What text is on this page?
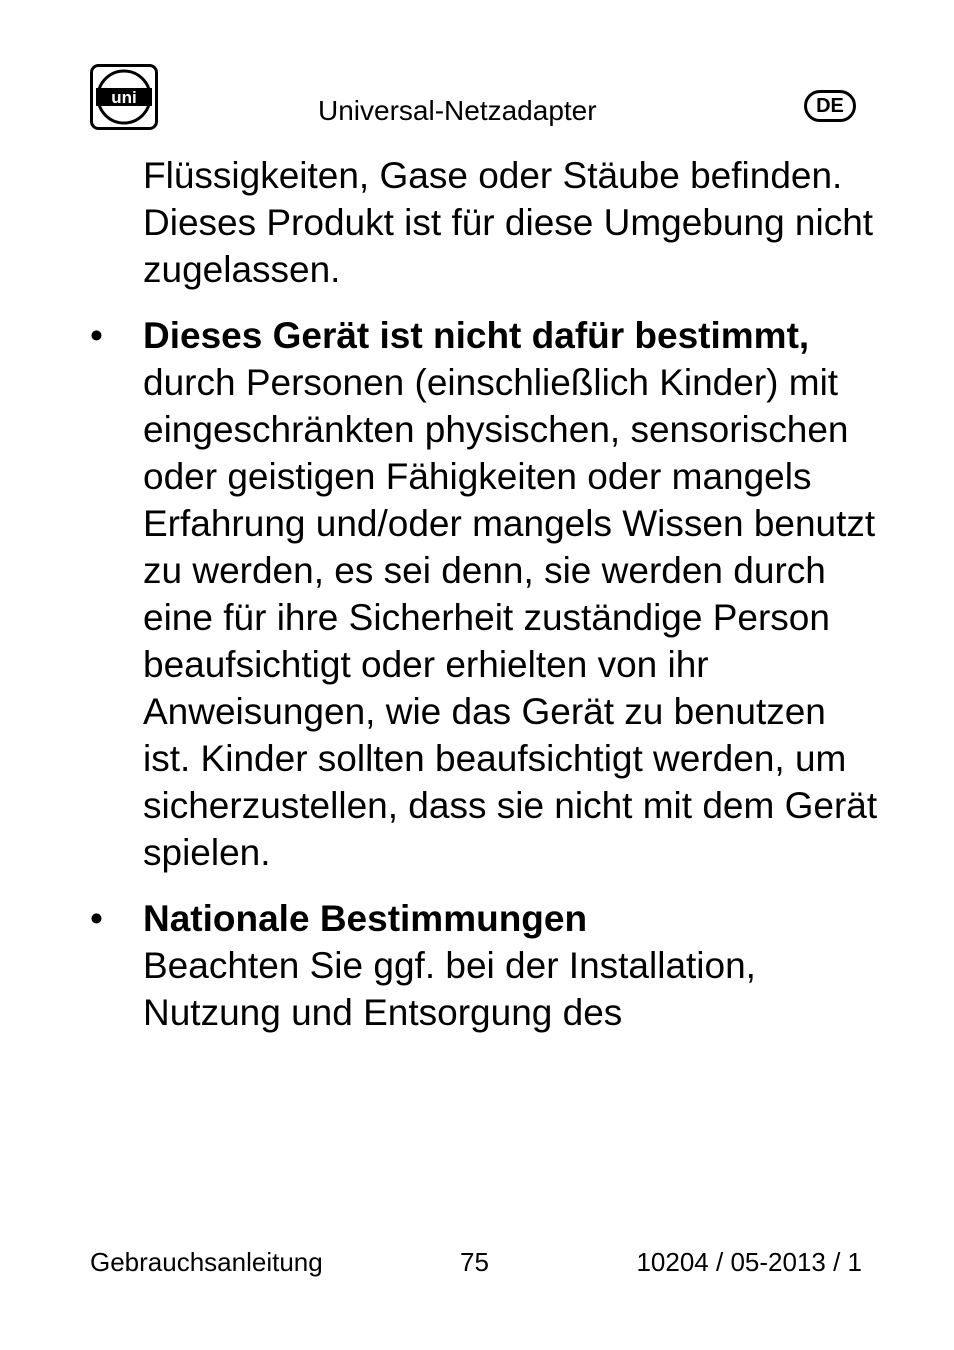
uni	Universal-Netzadapter	DE

Flüssigkeiten, Gase oder Stäube befinden. Dieses Produkt ist für diese Umgebung nicht zugelassen.

• Dieses Gerät ist nicht dafür bestimmt,

durch Personen (einschließlich Kinder) mit eingeschränkten physischen, sensorischen oder geistigen Fähigkeiten oder mangels Erfahrung und/oder mangels Wissen benutzt zu werden, es sei denn, sie werden durch eine für ihre Sicherheit zuständige Person beaufsichtigt oder erhielten von ihr Anweisungen, wie das Gerät zu benutzen ist. Kinder sollten beaufsichtigt werden, um sicherzustellen, dass sie nicht mit dem Gerät spielen.

• Nationale Bestimmungen

Beachten Sie ggf. bei der Installation, Nutzung und Entsorgung des

Gebrauchsanleitung	75	10204 / 05-2013 / 1
